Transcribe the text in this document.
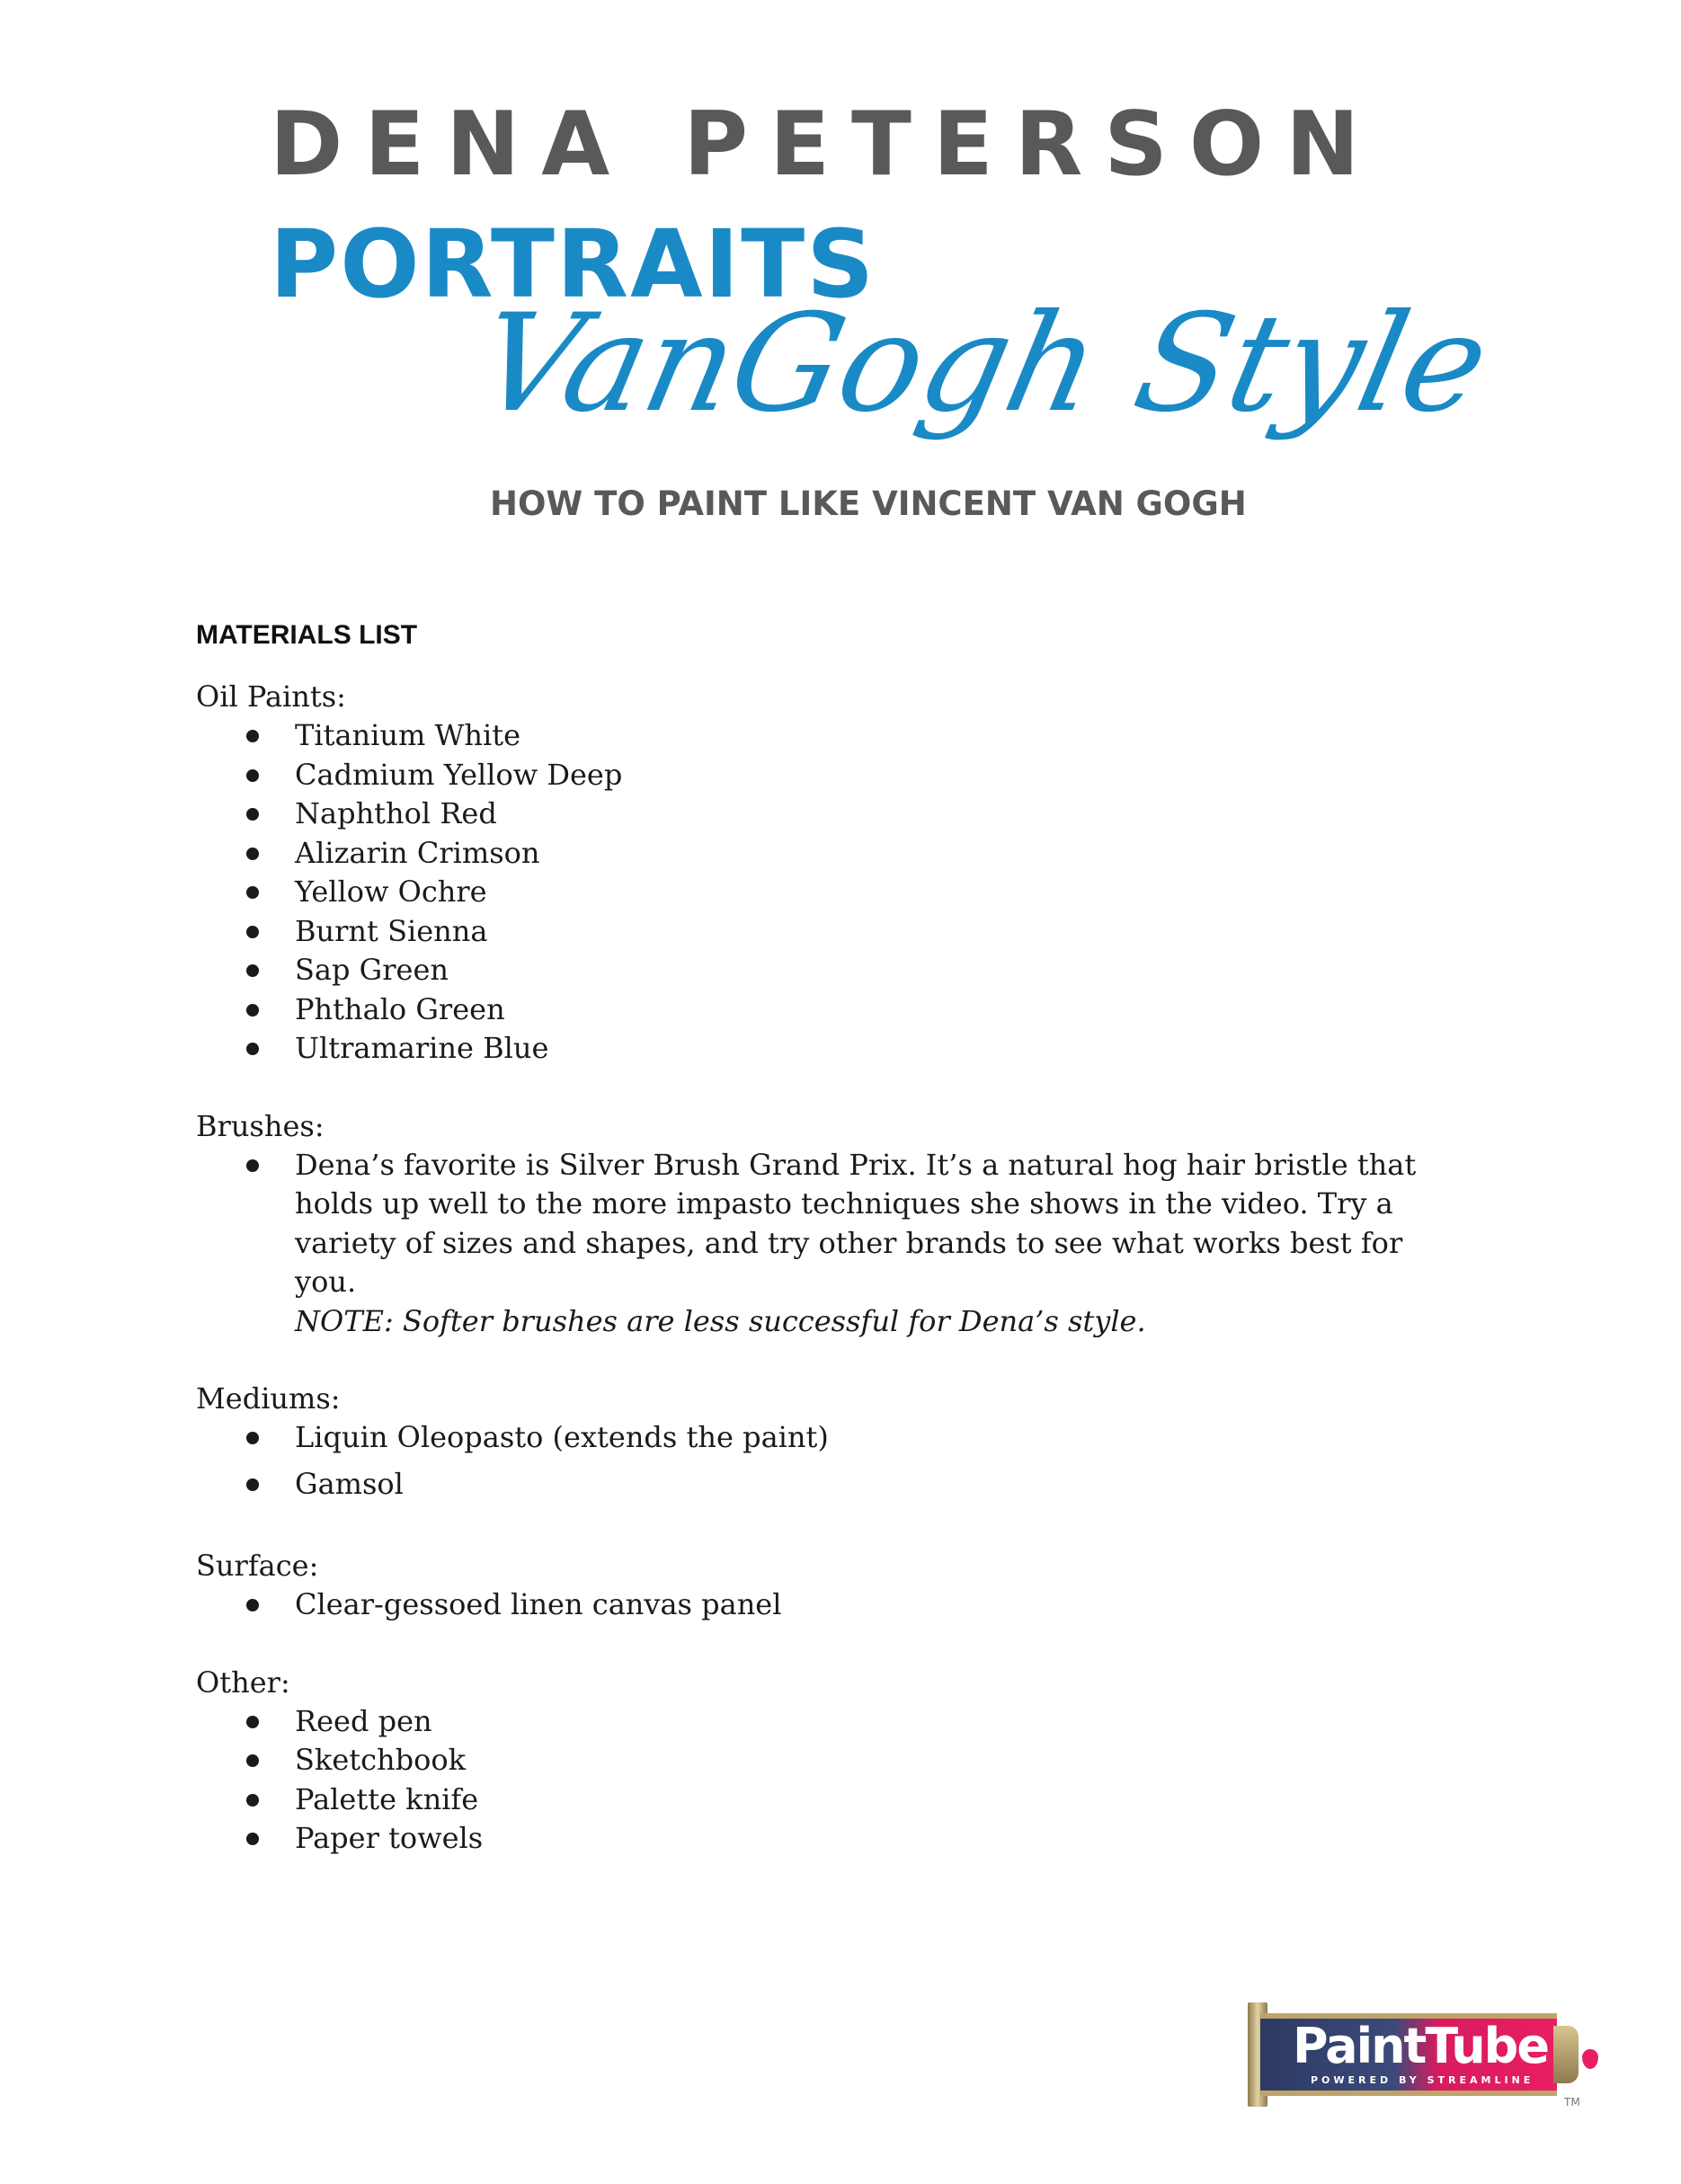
DENA PETERSON
PORTRAITS
VanGogh Style
HOW TO PAINT LIKE VINCENT VAN GOGH
MATERIALS LIST

Oil Paints:

Titanium White
Cadmium Yellow Deep
Naphthol Red
Alizarin Crimson
Yellow Ochre
Burnt Sienna
Sap Green
Phthalo Green
Ultramarine Blue

Brushes:

Dena’s favorite is Silver Brush Grand Prix. It’s a natural hog hair bristle that holds up well to the more impasto techniques she shows in the video. Try a variety of sizes and shapes, and try other brands to see what works best for you.
NOTE: Softer brushes are less successful for Dena’s style.

Mediums:

Liquin Oleopasto (extends the paint)
Gamsol

Surface:

Clear-gessoed linen canvas panel

Other:

Reed pen
Sketchbook
Palette knife
Paper towels
PaintTube
POWERED BY STREAMLINE
TM
